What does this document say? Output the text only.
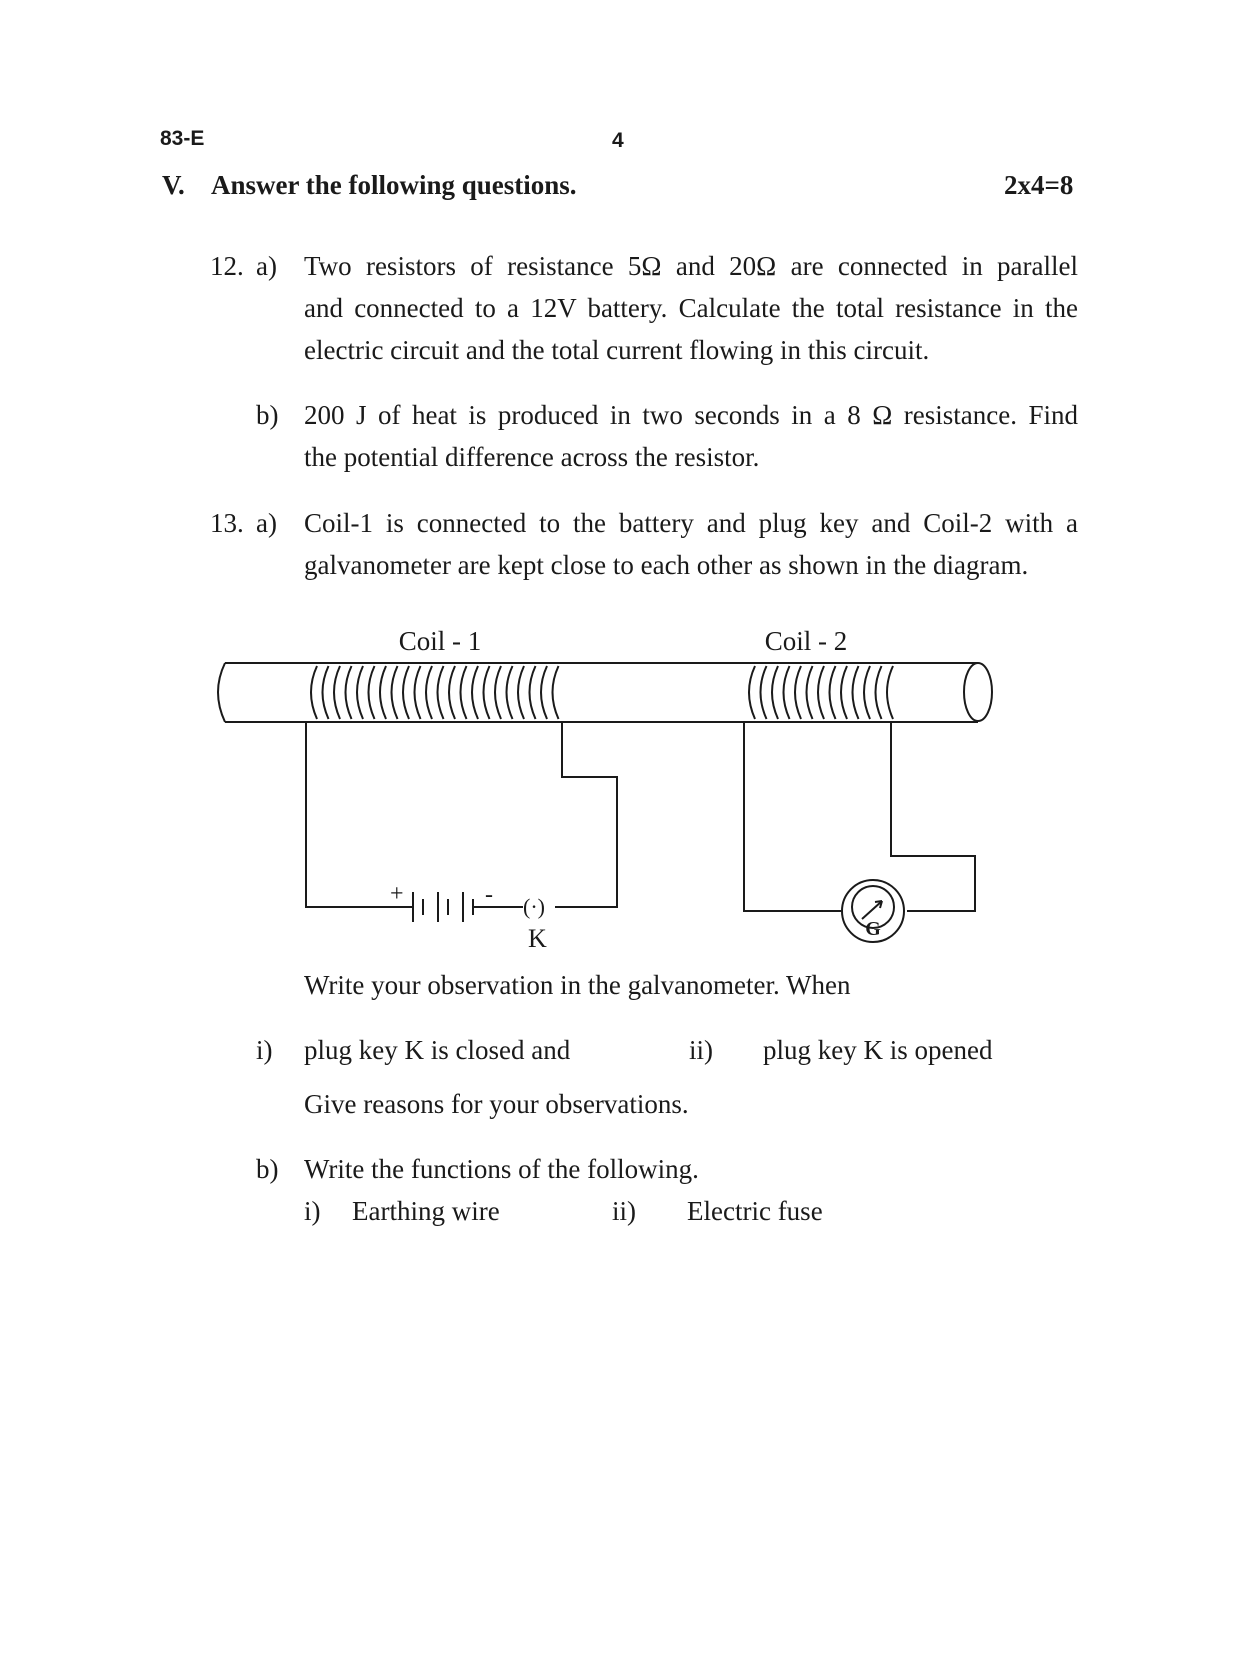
83-E	4
V. Answer the following questions.	2x4=8
12. a) Two resistors of resistance 5Ω and 20Ω are connected in parallel
and connected to a 12V battery. Calculate the total resistance in the
electric circuit and the total current flowing in this circuit.
b) 200 J of heat is produced in two seconds in a 8 Ω resistance. Find
the potential difference across the resistor.
13. a) Coil-1 is connected to the battery and plug key and Coil-2 with a
galvanometer are kept close to each other as shown in the diagram.
Coil - 1	Coil - 2
+	- (·)
K	G
Write your observation in the galvanometer. When
i) plug key K is closed and	ii) plug key K is opened
Give reasons for your observations.
b) Write the functions of the following.
i) Earthing wire	ii) Electric fuse
